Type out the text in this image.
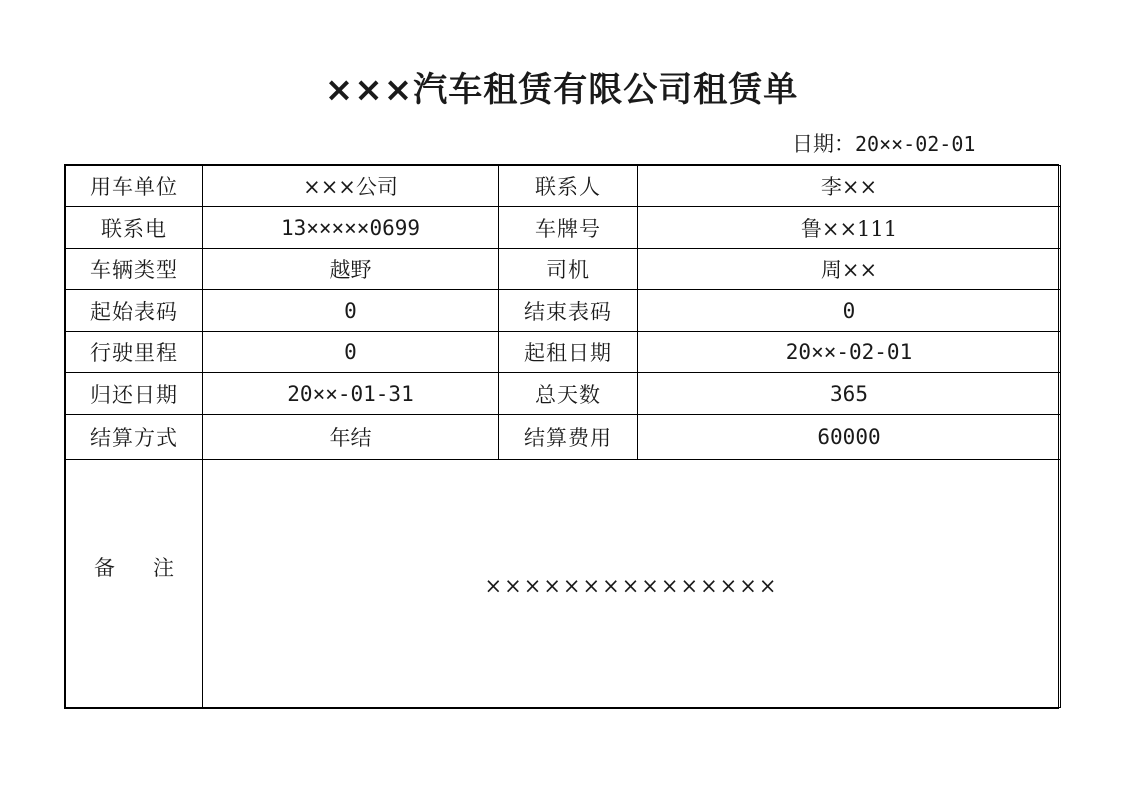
×××汽车租赁有限公司租赁单
日期：20××-02-01
用车单位	×××公司	联系人	李××
联系电	13×××××0699	车牌号	鲁××111
车辆类型	越野	司机	周××
起始表码	0	结束表码	0
行驶里程	0	起租日期	20××-02-01
归还日期	20××-01-31	总天数	365
结算方式	年结	结算费用	60000
备 注	×××××××××××××××		
